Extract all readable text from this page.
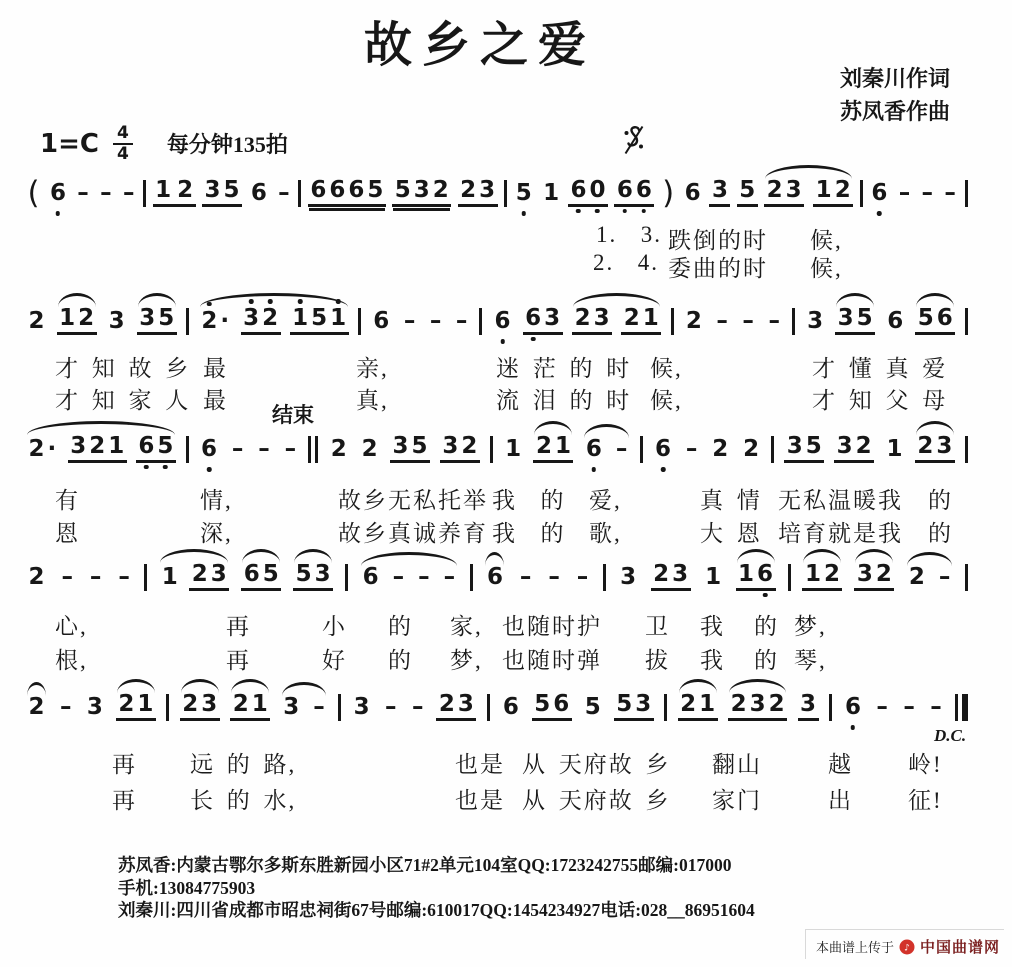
故乡之爱
刘秦川作词
苏凤香作曲
1=C 4
4 每分钟135拍
( 6 – – – 1 2 3 5 6 – 6 6 6 5 5 3 2 2 3 5 1 6 0 6 6 ) 6 3 5 2 3 1 2 6 – – –
2 1 2 3 3 5 2 · 3 2 1 5 1 6 – – – 6 6 3 2 3 2 1 2 – – – 3 3 5 6 5 6
2 · 3 2 1 6 5 6 – – – 2 2 3 5 3 2 1 2 1 6 – 6 – 2 2 3 5 3 2 1 2 3
2 – – – 1 2 3 6 5 5 3 6 – – – 6 – – – 3 2 3 1 1 6 1 2 3 2 2 –
2 – 3 2 1 2 3 2 1 3 – 3 – – 2 3 6 5 6 5 5 3 2 1 2 3 2 3 6 – – –
1.  3. 跌倒的时 候,
2.  4. 委曲的时 候,
才 知 故 乡 最	亲,	迷 茫 的 时 候,	才 懂 真 爱
才 知 家 人 最	真,	流 泪 的 时 候,	才 知 父 母
有	情,	故乡无私托举 我  的  爱,	真 情 无私温暖我　的
恩	深,	故乡真诚养育 我  的  歌,	大 恩 培育就是我　的
心,	再	小 的 家, 也随时护 卫 我 的 梦,
根,	再	好 的 梦, 也随时弹 拔 我 的 琴,
再 远 的 路,	也是 从 天府故 乡 翻山	越 岭!
再 长 的 水,	也是 从 天府故 乡 家门	出 征!
结束
D.C.
苏凤香:内蒙古鄂尔多斯东胜新园小区71#2单元104室QQ:1723242755邮编:017000
手机:13084775903
刘秦川:四川省成都市昭忠祠街67号邮编:610017QQ:1454234927电话:028__86951604
本曲谱上传于 ♪ 中国曲谱网
